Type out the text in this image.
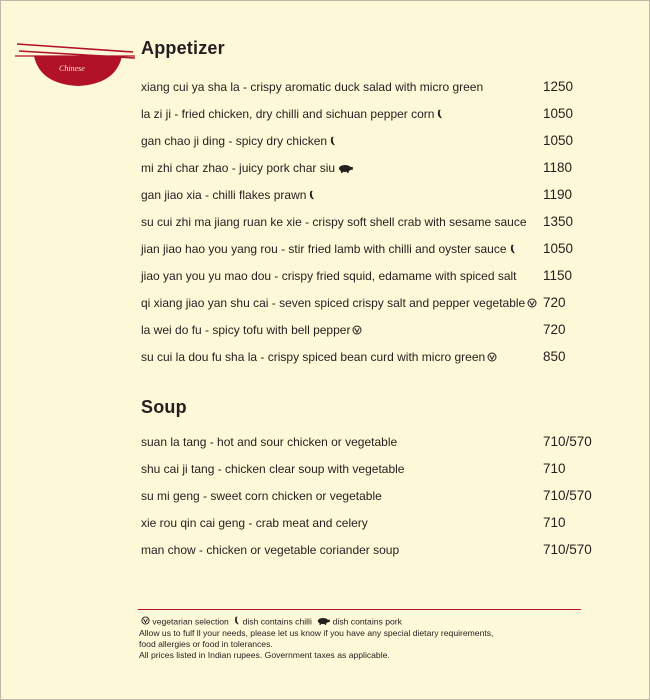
Chinese
Appetizer
xiang cui ya sha la - crispy aromatic duck salad with micro green	1250
la zi ji - fried chicken, dry chilli and sichuan pepper corn	1050
gan chao ji ding - spicy dry chicken	1050
mi zhi char zhao - juicy pork char siu	1180
gan jiao xia - chilli flakes prawn	1190
su cui zhi ma jiang ruan ke xie - crispy soft shell crab with sesame sauce 1350
jian jiao hao you yang rou - stir fried lamb with chilli and oyster sauce	1050
jiao yan you yu mao dou - crispy fried squid, edamame with spiced salt 1150
qi xiang jiao yan shu cai - seven spiced crispy salt and pepper vegetable 720
la wei do fu - spicy tofu with bell pepper	720
su cui la dou fu sha la - crispy spiced bean curd with micro green	850
Soup
suan la tang - hot and sour chicken or vegetable	710/570
shu cai ji tang - chicken clear soup with vegetable	710
su mi geng - sweet corn chicken or vegetable	710/570
xie rou qin cai geng - crab meat and celery	710
man chow - chicken or vegetable coriander soup	710/570
vegetarian selection dish contains chilli dish contains pork
Allow us to fulf ll your needs, please let us know if you have any special dietary requirements,
food allergies or food in tolerances.
All prices listed in Indian rupees. Government taxes as applicable.
